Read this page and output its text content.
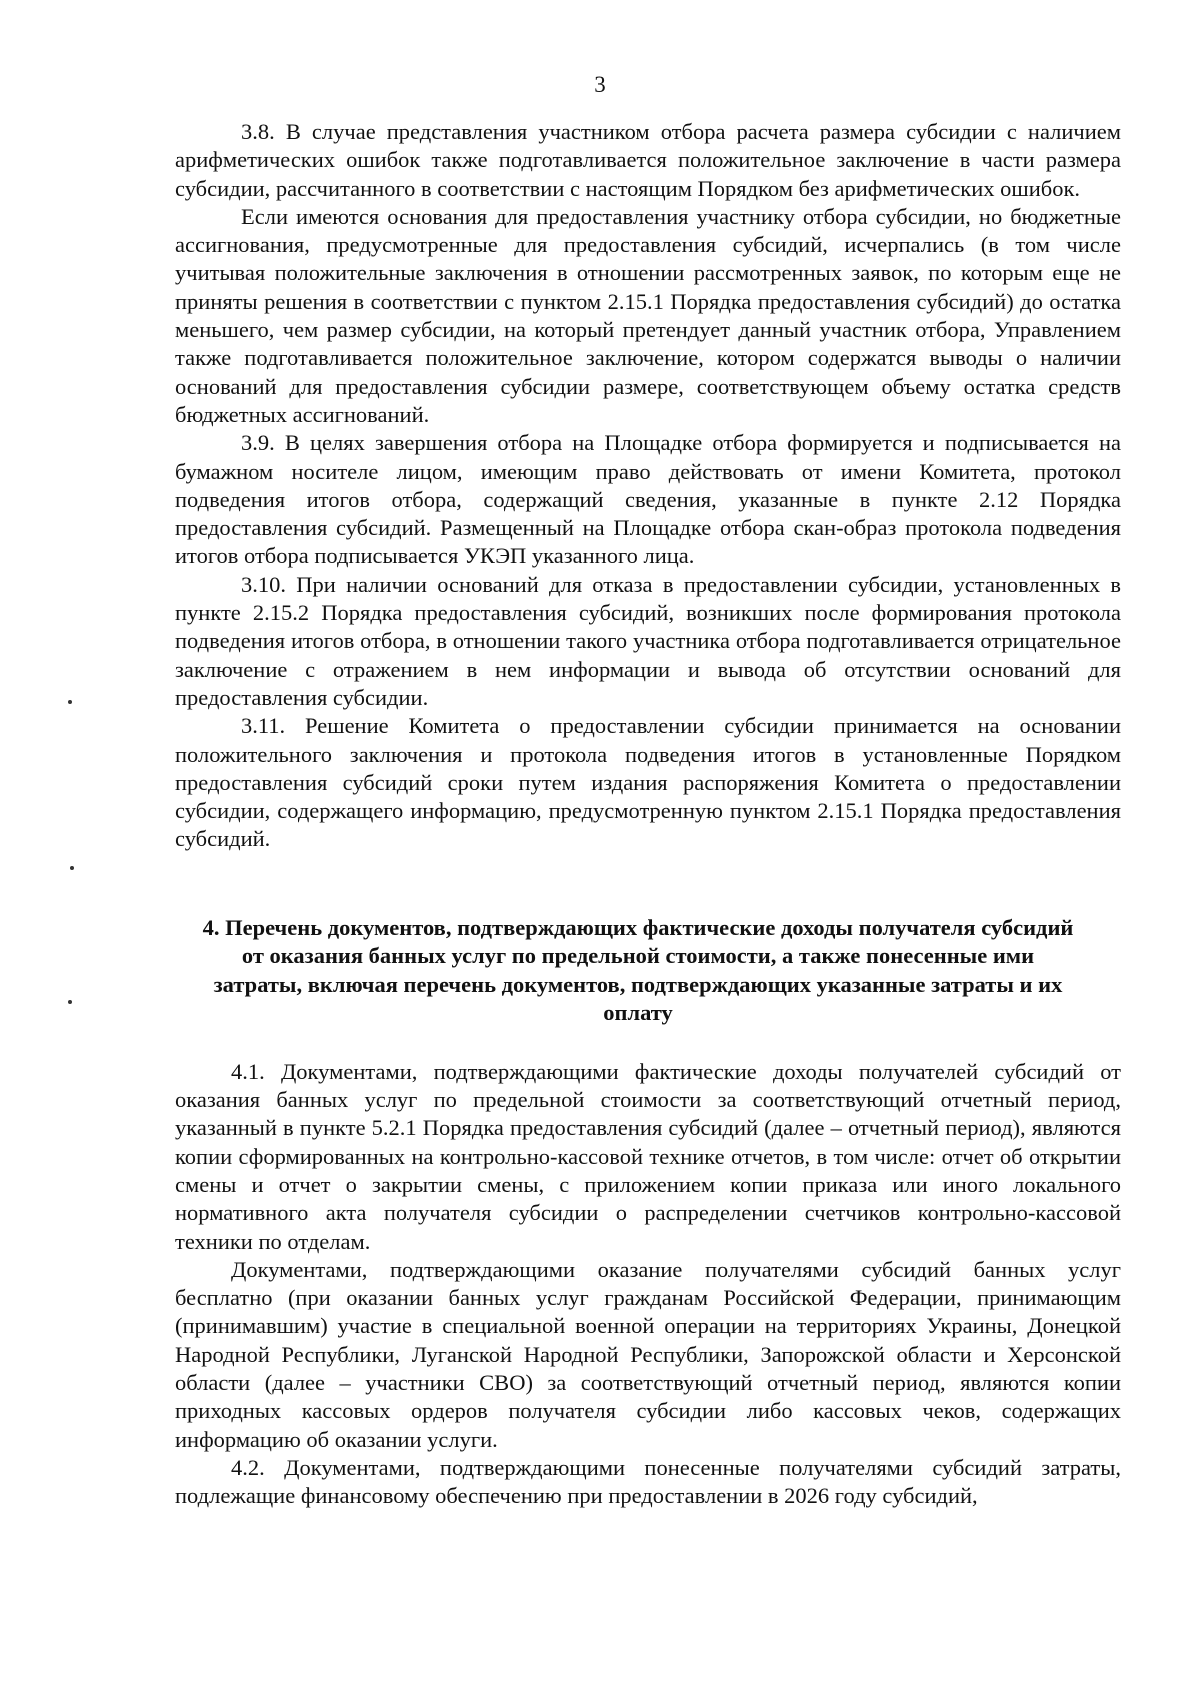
3

3.8. В случае представления участником отбора расчета размера субсидии с наличием арифметических ошибок также подготавливается положительное заключение в части размера субсидии, рассчитанного в соответствии с настоящим Порядком без арифметических ошибок.

Если имеются основания для предоставления участнику отбора субсидии, но бюджетные ассигнования, предусмотренные для предоставления субсидий, исчерпались (в том числе учитывая положительные заключения в отношении рассмотренных заявок, по которым еще не приняты решения в соответствии с пунктом 2.15.1 Порядка предоставления субсидий) до остатка меньшего, чем размер субсидии, на который претендует данный участник отбора, Управлением также подготавливается положительное заключение, котором содержатся выводы о наличии оснований для предоставления субсидии размере, соответствующем объему остатка средств бюджетных ассигнований.

3.9. В целях завершения отбора на Площадке отбора формируется и подписывается на бумажном носителе лицом, имеющим право действовать от имени Комитета, протокол подведения итогов отбора, содержащий сведения, указанные в пункте 2.12 Порядка предоставления субсидий. Размещенный на Площадке отбора скан-образ протокола подведения итогов отбора подписывается УКЭП указанного лица.

3.10. При наличии оснований для отказа в предоставлении субсидии, установленных в пункте 2.15.2 Порядка предоставления субсидий, возникших после формирования протокола подведения итогов отбора, в отношении такого участника отбора подготавливается отрицательное заключение с отражением в нем информации и вывода об отсутствии оснований для предоставления субсидии.

3.11. Решение Комитета о предоставлении субсидии принимается на основании положительного заключения и протокола подведения итогов в установленные Порядком предоставления субсидий сроки путем издания распоряжения Комитета о предоставлении субсидии, содержащего информацию, предусмотренную пунктом 2.15.1 Порядка предоставления субсидий.

4. Перечень документов, подтверждающих фактические доходы получателя субсидий от оказания банных услуг по предельной стоимости, а также понесенные ими затраты, включая перечень документов, подтверждающих указанные затраты и их оплату

4.1. Документами, подтверждающими фактические доходы получателей субсидий от оказания банных услуг по предельной стоимости за соответствующий отчетный период, указанный в пункте 5.2.1 Порядка предоставления субсидий (далее – отчетный период), являются копии сформированных на контрольно-кассовой технике отчетов, в том числе: отчет об открытии смены и отчет о закрытии смены, с приложением копии приказа или иного локального нормативного акта получателя субсидии о распределении счетчиков контрольно-кассовой техники по отделам.

Документами, подтверждающими оказание получателями субсидий банных услуг бесплатно (при оказании банных услуг гражданам Российской Федерации, принимающим (принимавшим) участие в специальной военной операции на территориях Украины, Донецкой Народной Республики, Луганской Народной Республики, Запорожской области и Херсонской области (далее – участники СВО) за соответствующий отчетный период, являются копии приходных кассовых ордеров получателя субсидии либо кассовых чеков, содержащих информацию об оказании услуги.

4.2. Документами, подтверждающими понесенные получателями субсидий затраты, подлежащие финансовому обеспечению при предоставлении в 2026 году субсидий,
